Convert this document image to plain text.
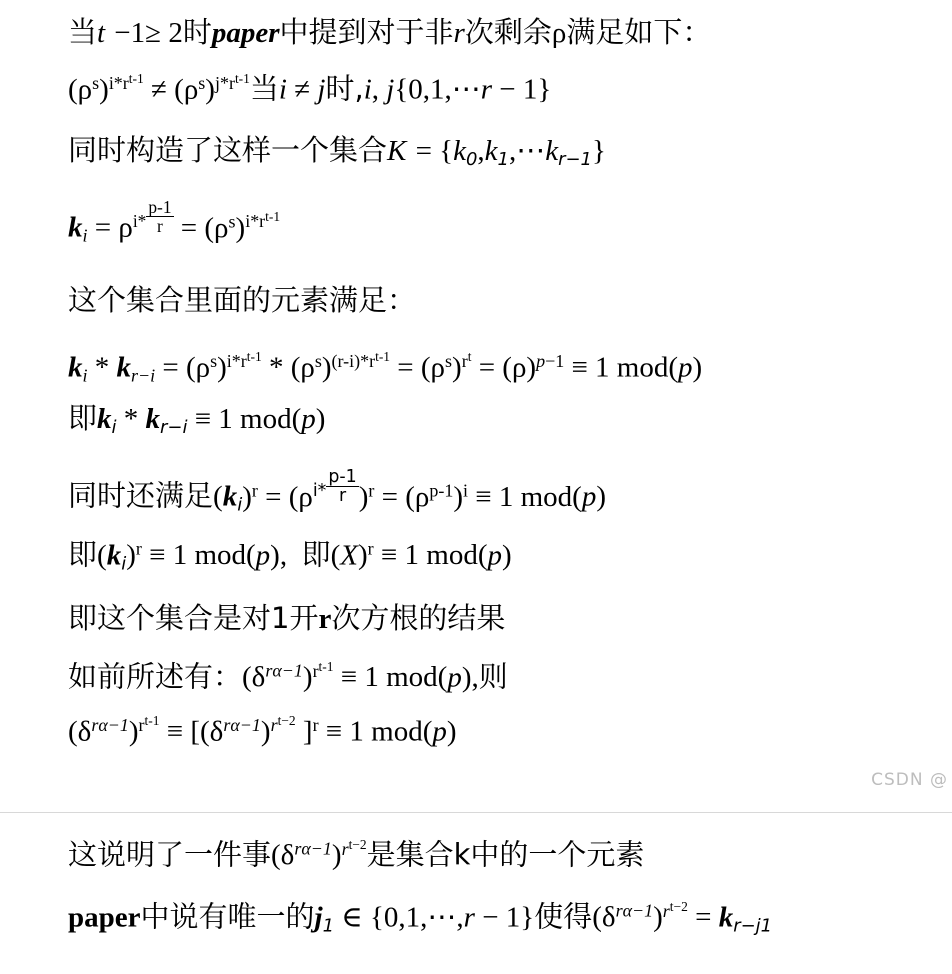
当t −1≥ 2时paper中提到对于非r次剩余ρ满足如下：
$(\rho^s)^{i*r^{t-1}} \ne (\rho^s)^{j*r^{t-1}}$当i ≠ j时,i, j{0,1,⋯r − 1}
同时构造了这样一个集合$K = \{k_0,k_1,\cdots k_{r-1}\}$
$k_i = \rho i* \frac{p-1}{r} = (\rho^s)^{i*r^{t-1}}$
这个集合里面的元素满足：
$k_i * k_{r-i} = (\rho^s)^{i*r^{t-1}} * (\rho^s)^{(r-i)*r^{t-1}} = (\rho^s)^{r^t} = (\rho)^{p-1} \equiv 1$ mod(p)
即$k_i * k_{r-i} \equiv 1$ mod(p)
同时还满足$(k_i)^r = (\rho i* \frac{p-1}{r} )^r = (\rho^{p-1})^i \equiv 1$ mod(p)
即$(k_i)^r \equiv 1$ mod(p),  即$(X)^r \equiv 1$ mod(p)
即这个集合是对1开r次方根的结果
如前所述有：$(\delta^{r\alpha-1})^{r^{t-1}} \equiv 1$ mod(p),则
$(\delta^{r\alpha-1})^{r^{t-1}} \equiv [(\delta^{r\alpha-1})^{r^{t-2}}$ ]$^r$ ≡ 1 mod(p)
这说明了一件事$(\delta^{r\alpha-1})^{r^{t-2}}$是集合k中的一个元素
paper中说有唯一的$j_1$ ∈ {0,1,⋯,r − 1}使得$(\delta^{r\alpha-1})^{r^{t-2}} = k_{r-j1}$
CSDN @
